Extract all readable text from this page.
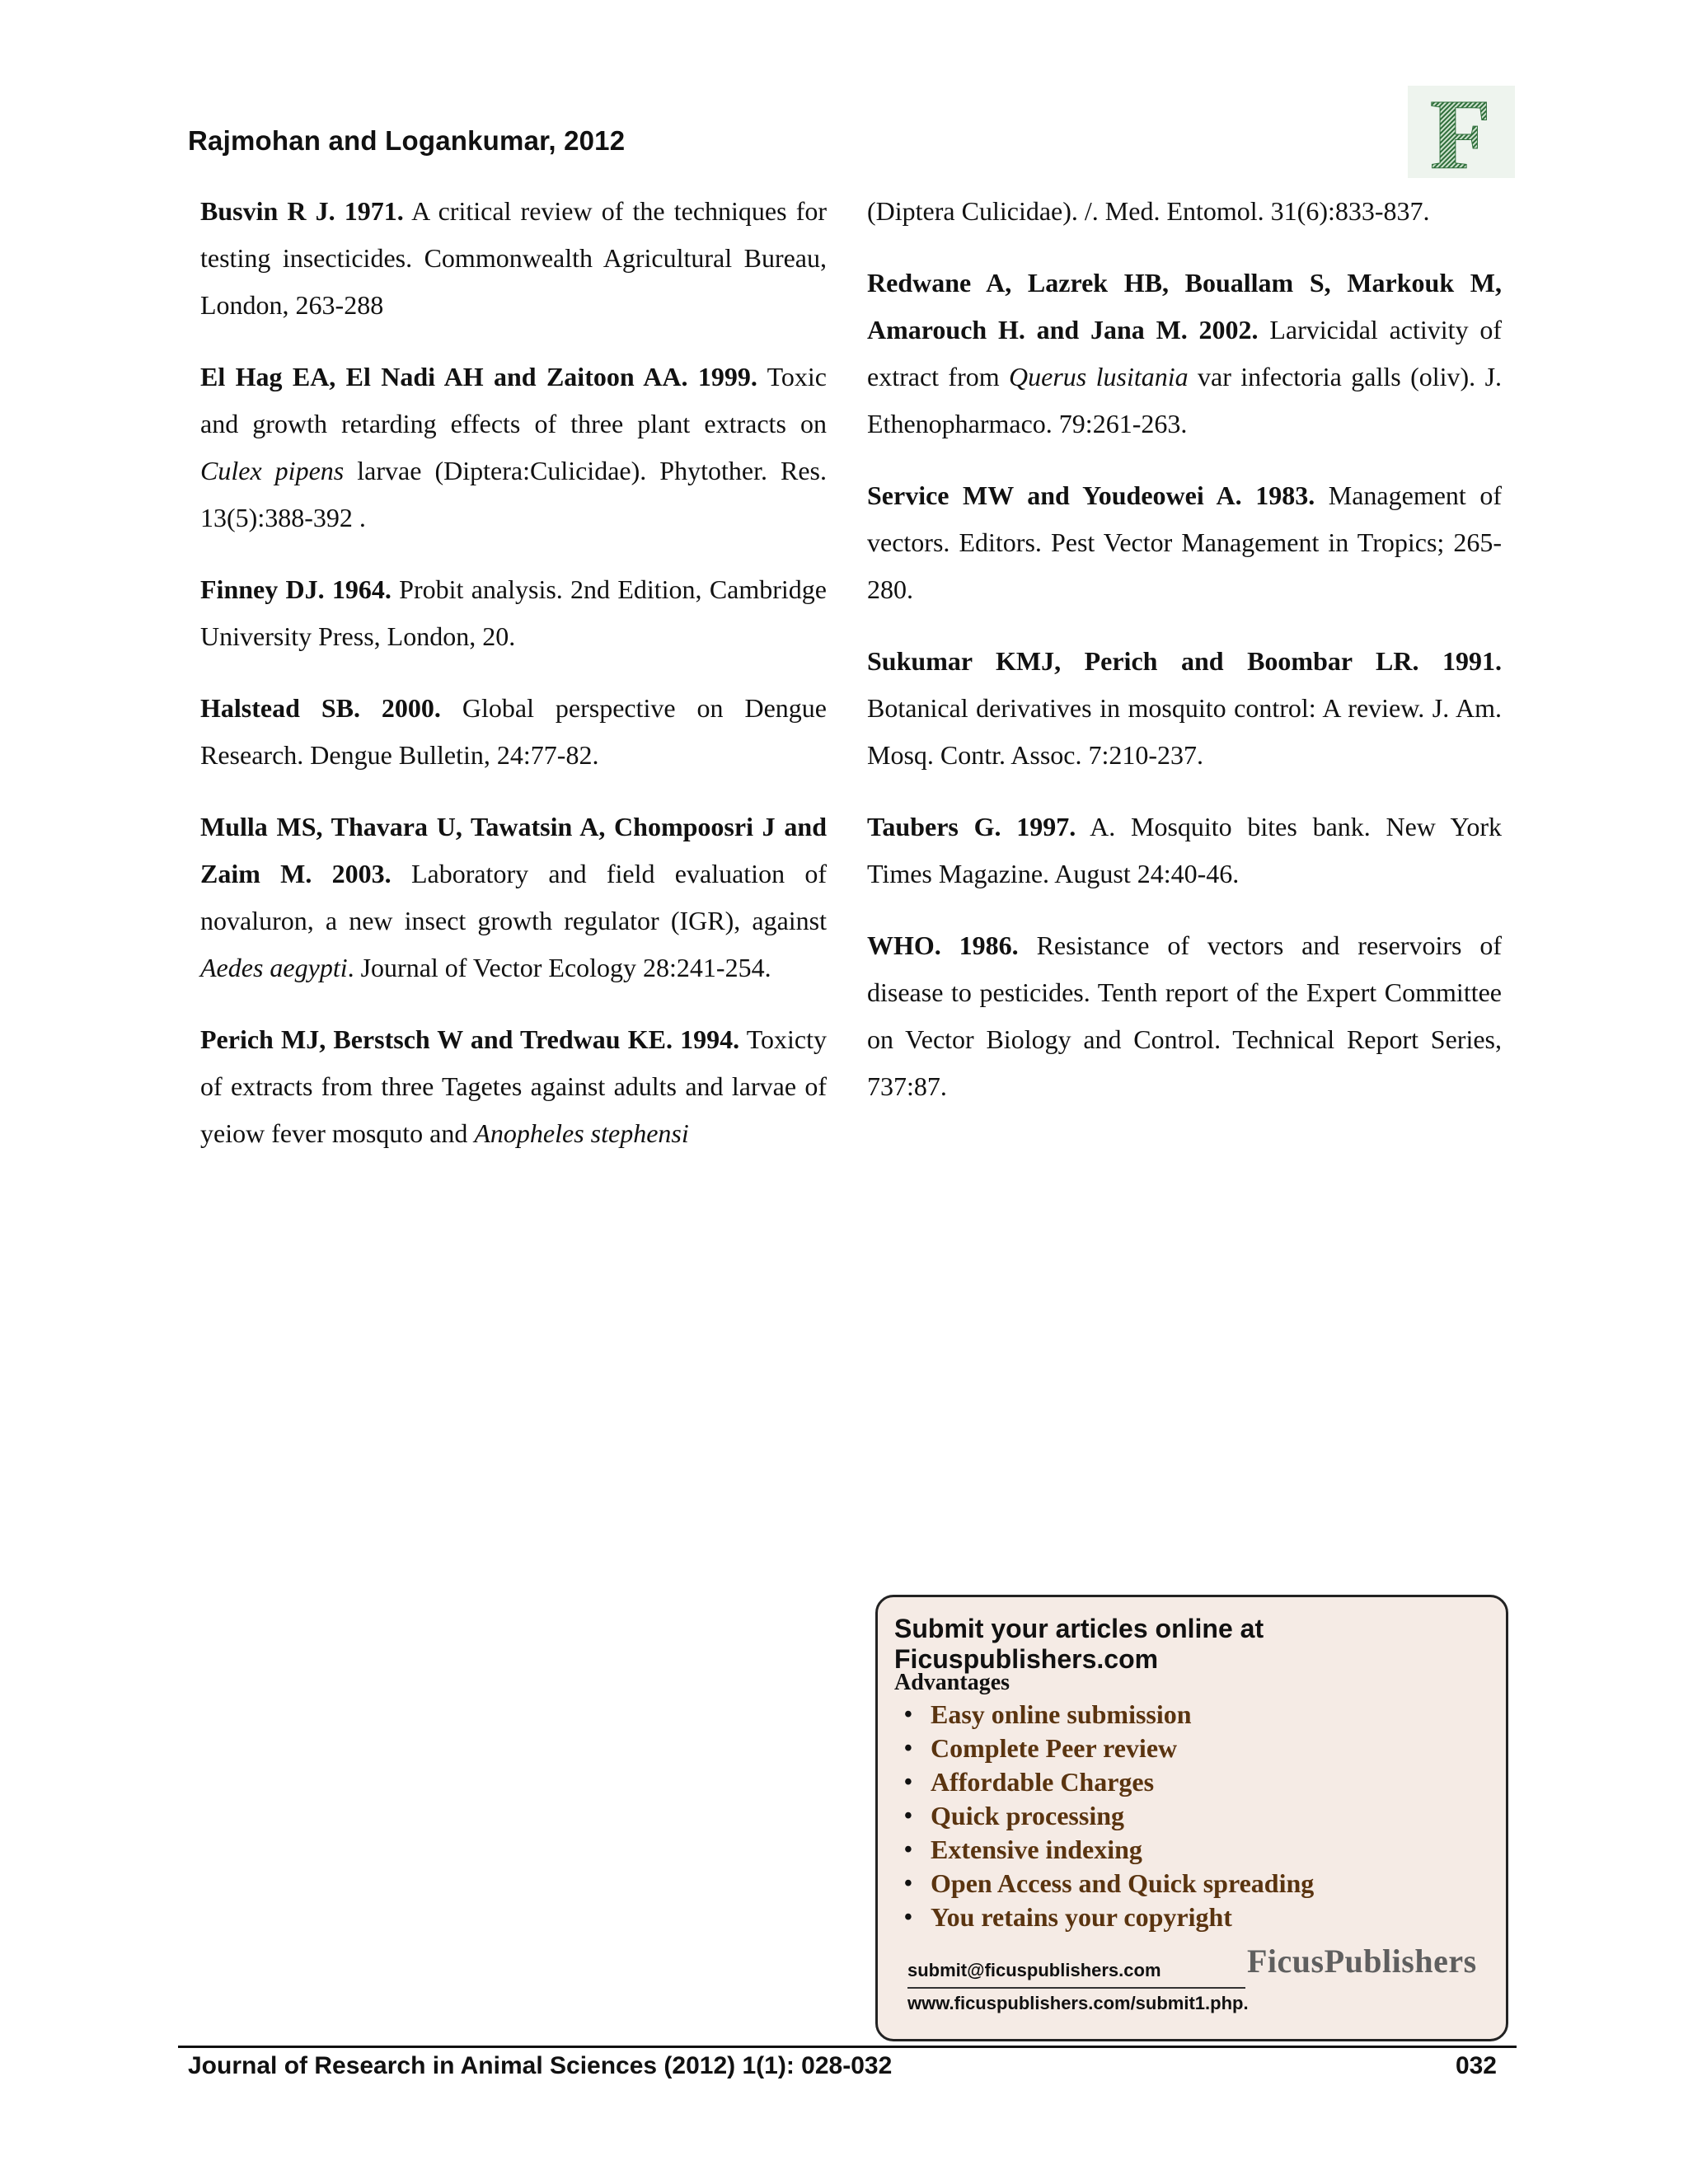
Rajmohan and Logankumar, 2012	F

Busvin R J. 1971. A critical review of the techniques for testing insecticides. Commonwealth Agricultural Bureau, London, 263-288

El Hag EA, El Nadi AH and Zaitoon AA. 1999. Toxic and growth retarding effects of three plant extracts on Culex pipens larvae (Diptera:Culicidae). Phytother. Res. 13(5):388-392 .

Finney DJ. 1964. Probit analysis. 2nd Edition, Cambridge University Press, London, 20.

Halstead SB. 2000. Global perspective on Dengue Research. Dengue Bulletin, 24:77-82.

Mulla MS, Thavara U, Tawatsin A, Chompoosri J and Zaim M. 2003. Laboratory and field evaluation of novaluron, a new insect growth regulator (IGR), against Aedes aegypti. Journal of Vector Ecology 28:241-254.

Perich MJ, Berstsch W and Tredwau KE. 1994. Toxicty of extracts from three Tagetes against adults and larvae of yeiow fever mosquto and Anopheles stephensi

(Diptera Culicidae). /. Med. Entomol. 31(6):833-837.

Redwane A, Lazrek HB, Bouallam S, Markouk M, Amarouch H. and Jana M. 2002. Larvicidal activity of extract from Querus lusitania var infectoria galls (oliv). J. Ethenopharmaco. 79:261-263.

Service MW and Youdeowei A. 1983. Management of vectors. Editors. Pest Vector Management in Tropics; 265-280.

Sukumar KMJ, Perich and Boombar LR. 1991. Botanical derivatives in mosquito control: A review. J. Am. Mosq. Contr. Assoc. 7:210-237.

Taubers G. 1997. A. Mosquito bites bank. New York Times Magazine. August 24:40-46.

WHO. 1986. Resistance of vectors and reservoirs of disease to pesticides. Tenth report of the Expert Committee on Vector Biology and Control. Technical Report Series, 737:87.

Submit your articles online at Ficuspublishers.com
Advantages
• Easy online submission
• Complete Peer review
• Affordable Charges
• Quick processing
• Extensive indexing
• Open Access and Quick spreading
• You retains your copyright
submit@ficuspublishers.com
www.ficuspublishers.com/submit1.php.
FicusPublishers
Journal of Research in Animal Sciences (2012) 1(1): 028-032	032
